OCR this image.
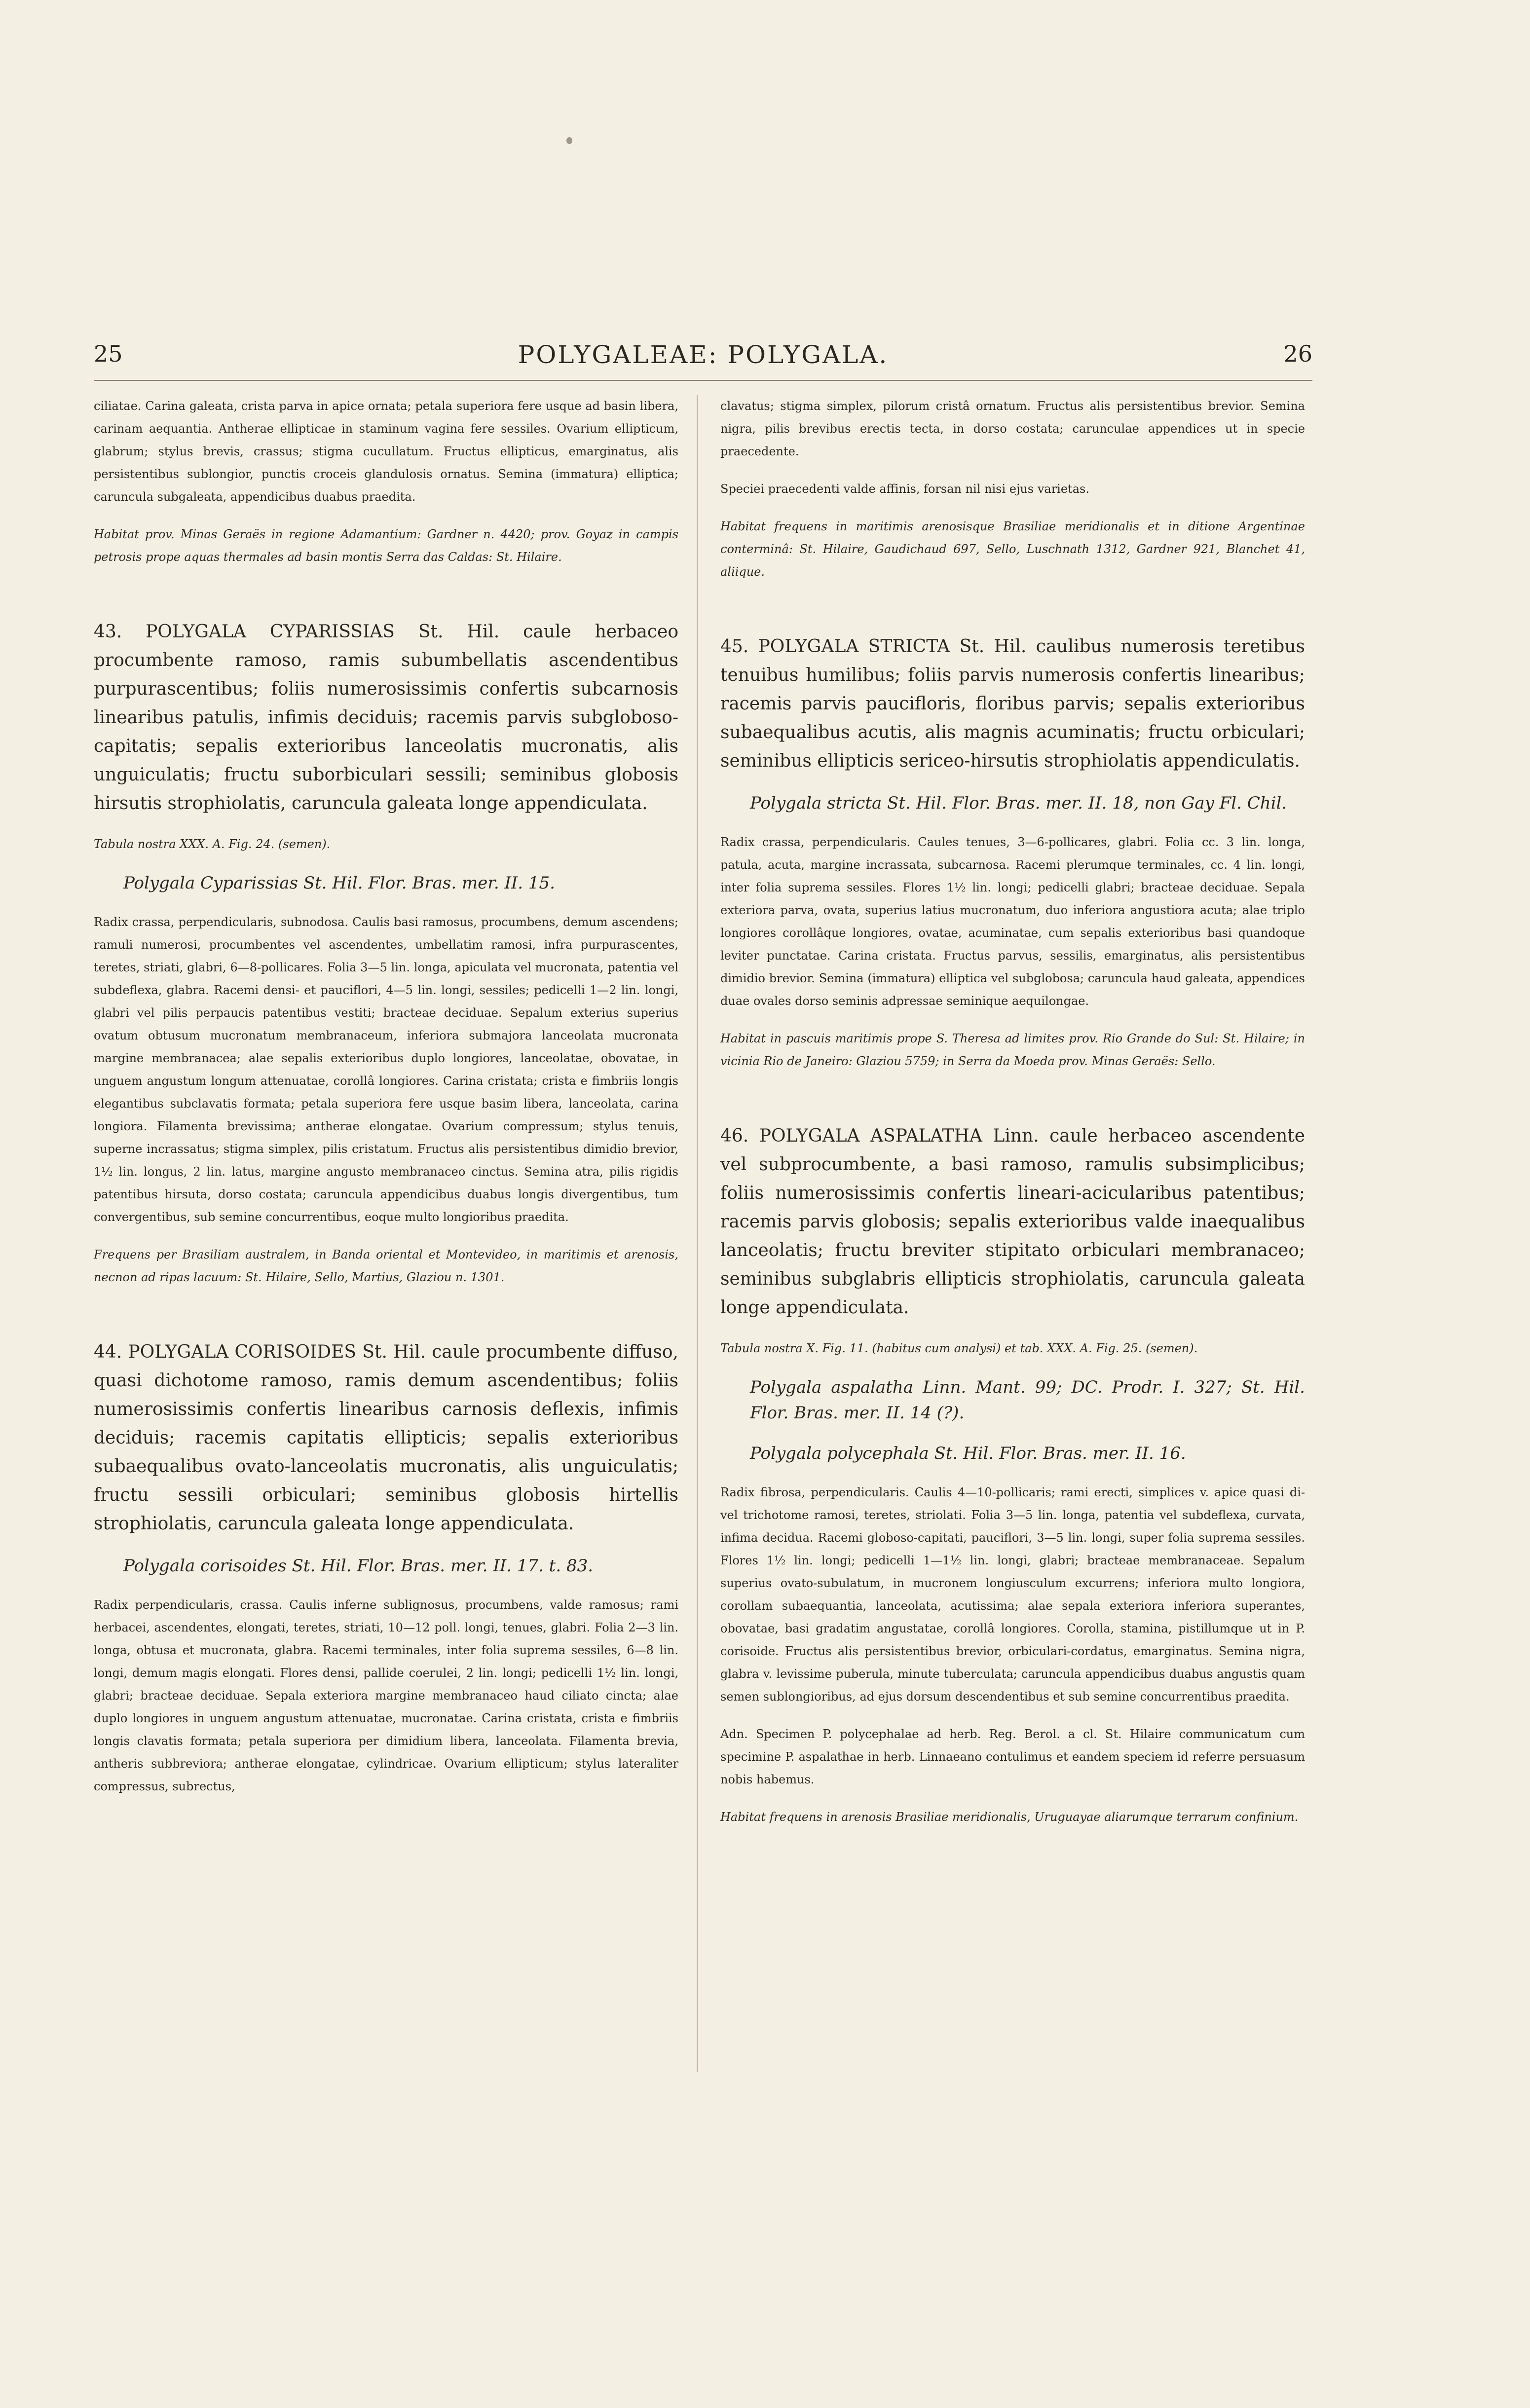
25	POLYGALEAE: POLYGALA.	26

ciliatae. Carina galeata, crista parva in apice ornata; petala superiora fere usque ad basin libera, carinam aequantia. Antherae ellipticae in staminum vagina fere sessiles. Ovarium ellipticum, glabrum; stylus brevis, crassus; stigma cucullatum. Fructus ellipticus, emarginatus, alis persistentibus sublongior, punctis croceis glandulosis ornatus. Semina (immatura) elliptica; caruncula subgaleata, appendicibus duabus praedita.

Habitat prov. Minas Geraës in regione Adamantium: Gardner n. 4420; prov. Goyaz in campis petrosis prope aquas thermales ad basin montis Serra das Caldas: St. Hilaire.

43. POLYGALA CYPARISSIAS St. Hil. caule herbaceo procumbente ramoso, ramis subumbellatis ascendentibus purpurascentibus; foliis numerosissimis confertis subcarnosis linearibus patulis, infimis deciduis; racemis parvis subgloboso-capitatis; sepalis exterioribus lanceolatis mucronatis, alis unguiculatis; fructu suborbiculari sessili; seminibus globosis hirsutis strophiolatis, caruncula galeata longe appendiculata.

Tabula nostra XXX. A. Fig. 24. (semen).

Polygala Cyparissias St. Hil. Flor. Bras. mer. II. 15.

Radix crassa, perpendicularis, subnodosa. Caulis basi ramosus, procumbens, demum ascendens; ramuli numerosi, procumbentes vel ascendentes, umbellatim ramosi, infra purpurascentes, teretes, striati, glabri, 6—8-pollicares. Folia 3—5 lin. longa, apiculata vel mucronata, patentia vel subdeflexa, glabra. Racemi densi- et pauciflori, 4—5 lin. longi, sessiles; pedicelli 1—2 lin. longi, glabri vel pilis perpaucis patentibus vestiti; bracteae deciduae. Sepalum exterius superius ovatum obtusum mucronatum membranaceum, inferiora submajora lanceolata mucronata margine membranacea; alae sepalis exterioribus duplo longiores, lanceolatae, obovatae, in unguem angustum longum attenuatae, corollâ longiores. Carina cristata; crista e fimbriis longis elegantibus subclavatis formata; petala superiora fere usque basim libera, lanceolata, carina longiora. Filamenta brevissima; antherae elongatae. Ovarium compressum; stylus tenuis, superne incrassatus; stigma simplex, pilis cristatum. Fructus alis persistentibus dimidio brevior, 1½ lin. longus, 2 lin. latus, margine angusto membranaceo cinctus. Semina atra, pilis rigidis patentibus hirsuta, dorso costata; caruncula appendicibus duabus longis divergentibus, tum convergentibus, sub semine concurrentibus, eoque multo longioribus praedita.

Frequens per Brasiliam australem, in Banda oriental et Montevideo, in maritimis et arenosis, necnon ad ripas lacuum: St. Hilaire, Sello, Martius, Glaziou n. 1301.

44. POLYGALA CORISOIDES St. Hil. caule procumbente diffuso, quasi dichotome ramoso, ramis demum ascendentibus; foliis numerosissimis confertis linearibus carnosis deflexis, infimis deciduis; racemis capitatis ellipticis; sepalis exterioribus subaequalibus ovato-lanceolatis mucronatis, alis unguiculatis; fructu sessili orbiculari; seminibus globosis hirtellis strophiolatis, caruncula galeata longe appendiculata.

Polygala corisoides St. Hil. Flor. Bras. mer. II. 17. t. 83.

Radix perpendicularis, crassa. Caulis inferne sublignosus, procumbens, valde ramosus; rami herbacei, ascendentes, elongati, teretes, striati, 10—12 poll. longi, tenues, glabri. Folia 2—3 lin. longa, obtusa et mucronata, glabra. Racemi terminales, inter folia suprema sessiles, 6—8 lin. longi, demum magis elongati. Flores densi, pallide coerulei, 2 lin. longi; pedicelli 1½ lin. longi, glabri; bracteae deciduae. Sepala exteriora margine membranaceo haud ciliato cincta; alae duplo longiores in unguem angustum attenuatae, mucronatae. Carina cristata, crista e fimbriis longis clavatis formata; petala superiora per dimidium libera, lanceolata. Filamenta brevia, antheris subbreviora; antherae elongatae, cylindricae. Ovarium ellipticum; stylus lateraliter compressus, subrectus,

clavatus; stigma simplex, pilorum cristâ ornatum. Fructus alis persistentibus brevior. Semina nigra, pilis brevibus erectis tecta, in dorso costata; carunculae appendices ut in specie praecedente.

Speciei praecedenti valde affinis, forsan nil nisi ejus varietas.

Habitat frequens in maritimis arenosisque Brasiliae meridionalis et in ditione Argentinae conterminâ: St. Hilaire, Gaudichaud 697, Sello, Luschnath 1312, Gardner 921, Blanchet 41, aliique.

45. POLYGALA STRICTA St. Hil. caulibus numerosis teretibus tenuibus humilibus; foliis parvis numerosis confertis linearibus; racemis parvis paucifloris, floribus parvis; sepalis exterioribus subaequalibus acutis, alis magnis acuminatis; fructu orbiculari; seminibus ellipticis sericeo-hirsutis strophiolatis appendiculatis.

Polygala stricta St. Hil. Flor. Bras. mer. II. 18, non Gay Fl. Chil.

Radix crassa, perpendicularis. Caules tenues, 3—6-pollicares, glabri. Folia cc. 3 lin. longa, patula, acuta, margine incrassata, subcarnosa. Racemi plerumque terminales, cc. 4 lin. longi, inter folia suprema sessiles. Flores 1½ lin. longi; pedicelli glabri; bracteae deciduae. Sepala exteriora parva, ovata, superius latius mucronatum, duo inferiora angustiora acuta; alae triplo longiores corollâque longiores, ovatae, acuminatae, cum sepalis exterioribus basi quandoque leviter punctatae. Carina cristata. Fructus parvus, sessilis, emarginatus, alis persistentibus dimidio brevior. Semina (immatura) elliptica vel subglobosa; caruncula haud galeata, appendices duae ovales dorso seminis adpressae seminique aequilongae.

Habitat in pascuis maritimis prope S. Theresa ad limites prov. Rio Grande do Sul: St. Hilaire; in vicinia Rio de Janeiro: Glaziou 5759; in Serra da Moeda prov. Minas Geraës: Sello.

46. POLYGALA ASPALATHA Linn. caule herbaceo ascendente vel subprocumbente, a basi ramoso, ramulis subsimplicibus; foliis numerosissimis confertis lineari-acicularibus patentibus; racemis parvis globosis; sepalis exterioribus valde inaequalibus lanceolatis; fructu breviter stipitato orbiculari membranaceo; seminibus subglabris ellipticis strophiolatis, caruncula galeata longe appendiculata.

Tabula nostra X. Fig. 11. (habitus cum analysi) et tab. XXX. A. Fig. 25. (semen).

Polygala aspalatha Linn. Mant. 99; DC. Prodr. I. 327; St. Hil. Flor. Bras. mer. II. 14 (?).

Polygala polycephala St. Hil. Flor. Bras. mer. II. 16.

Radix fibrosa, perpendicularis. Caulis 4—10-pollicaris; rami erecti, simplices v. apice quasi di- vel trichotome ramosi, teretes, striolati. Folia 3—5 lin. longa, patentia vel subdeflexa, curvata, infima decidua. Racemi globoso-capitati, pauciflori, 3—5 lin. longi, super folia suprema sessiles. Flores 1½ lin. longi; pedicelli 1—1½ lin. longi, glabri; bracteae membranaceae. Sepalum superius ovato-subulatum, in mucronem longiusculum excurrens; inferiora multo longiora, corollam subaequantia, lanceolata, acutissima; alae sepala exteriora inferiora superantes, obovatae, basi gradatim angustatae, corollâ longiores. Corolla, stamina, pistillumque ut in P. corisoide. Fructus alis persistentibus brevior, orbiculari-cordatus, emarginatus. Semina nigra, glabra v. levissime puberula, minute tuberculata; caruncula appendicibus duabus angustis quam semen sublongioribus, ad ejus dorsum descendentibus et sub semine concurrentibus praedita.

Adn. Specimen P. polycephalae ad herb. Reg. Berol. a cl. St. Hilaire communicatum cum specimine P. aspalathae in herb. Linnaeano contulimus et eandem speciem id referre persuasum nobis habemus.

Habitat frequens in arenosis Brasiliae meridionalis, Uruguayae aliarumque terrarum confinium.
